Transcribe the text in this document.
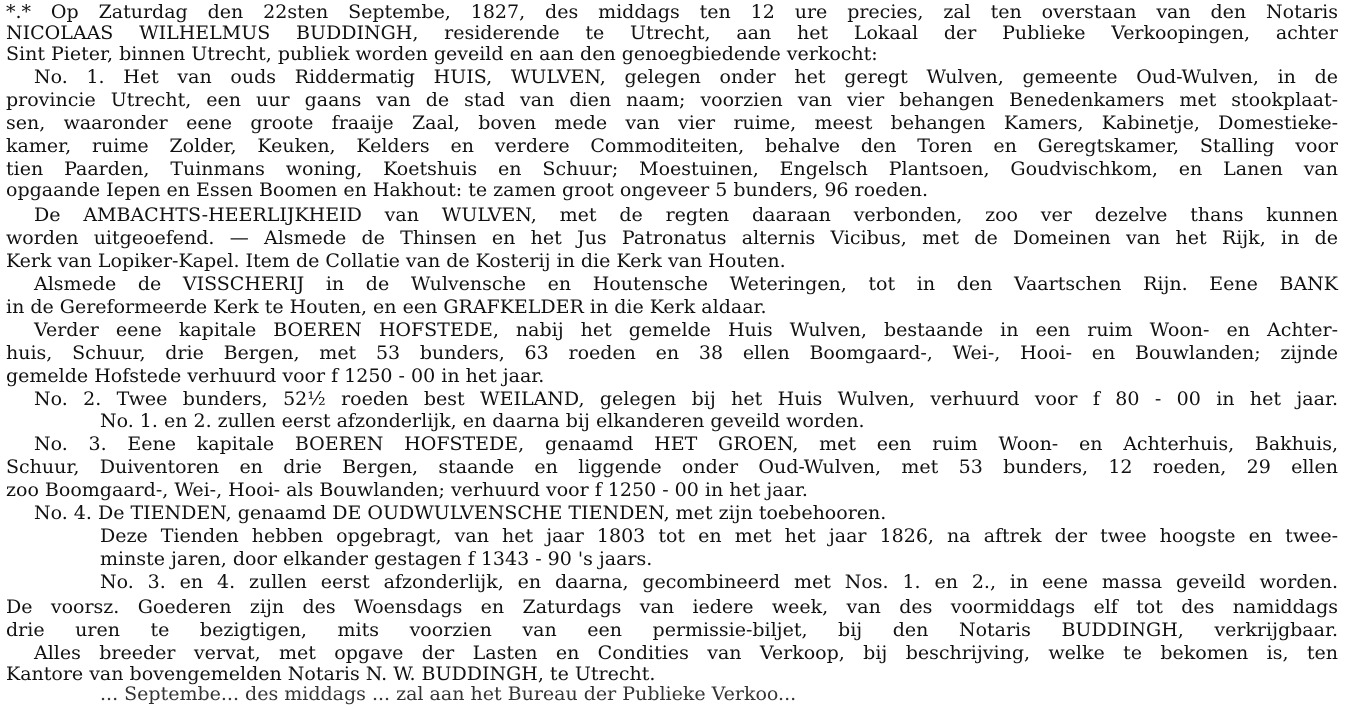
*.* Op Zaturdag den 22sten Septembe, 1827, des middags ten 12 ure precies, zal ten overstaan van den Notaris
NICOLAAS WILHELMUS BUDDINGH, residerende te Utrecht, aan het Lokaal der Publieke Verkoopingen, achter
Sint Pieter, binnen Utrecht, publiek worden geveild en aan den genoegbiedende verkocht:
No. 1. Het van ouds Riddermatig HUIS, WULVEN, gelegen onder het geregt Wulven, gemeente Oud-Wulven, in de
provincie Utrecht, een uur gaans van de stad van dien naam; voorzien van vier behangen Benedenkamers met stookplaat-
sen, waaronder eene groote fraaije Zaal, boven mede van vier ruime, meest behangen Kamers, Kabinetje, Domestieke-
kamer, ruime Zolder, Keuken, Kelders en verdere Commoditeiten, behalve den Toren en Geregtskamer, Stalling voor
tien Paarden, Tuinmans woning, Koetshuis en Schuur; Moestuinen, Engelsch Plantsoen, Goudvischkom, en Lanen van
opgaande Iepen en Essen Boomen en Hakhout: te zamen groot ongeveer 5 bunders, 96 roeden.
De AMBACHTS-HEERLIJKHEID van WULVEN, met de regten daaraan verbonden, zoo ver dezelve thans kunnen
worden uitgeoefend. — Alsmede de Thinsen en het Jus Patronatus alternis Vicibus, met de Domeinen van het Rijk, in de
Kerk van Lopiker-Kapel. Item de Collatie van de Kosterij in die Kerk van Houten.
Alsmede de VISSCHERIJ in de Wulvensche en Houtensche Weteringen, tot in den Vaartschen Rijn. Eene BANK
in de Gereformeerde Kerk te Houten, en een GRAFKELDER in die Kerk aldaar.
Verder eene kapitale BOEREN HOFSTEDE, nabij het gemelde Huis Wulven, bestaande in een ruim Woon- en Achter-
huis, Schuur, drie Bergen, met 53 bunders, 63 roeden en 38 ellen Boomgaard-, Wei-, Hooi- en Bouwlanden; zijnde
gemelde Hofstede verhuurd voor f 1250 - 00 in het jaar.
No. 2. Twee bunders, 52½ roeden best WEILAND, gelegen bij het Huis Wulven, verhuurd voor f 80 - 00 in het jaar.
No. 1. en 2. zullen eerst afzonderlijk, en daarna bij elkanderen geveild worden.
No. 3. Eene kapitale BOEREN HOFSTEDE, genaamd HET GROEN, met een ruim Woon- en Achterhuis, Bakhuis,
Schuur, Duiventoren en drie Bergen, staande en liggende onder Oud-Wulven, met 53 bunders, 12 roeden, 29 ellen
zoo Boomgaard-, Wei-, Hooi- als Bouwlanden; verhuurd voor f 1250 - 00 in het jaar.
No. 4. De TIENDEN, genaamd DE OUDWULVENSCHE TIENDEN, met zijn toebehooren.
Deze Tienden hebben opgebragt, van het jaar 1803 tot en met het jaar 1826, na aftrek der twee hoogste en twee-
minste jaren, door elkander gestagen f 1343 - 90 's jaars.
No. 3. en 4. zullen eerst afzonderlijk, en daarna, gecombineerd met Nos. 1. en 2., in eene massa geveild worden.
De voorsz. Goederen zijn des Woensdags en Zaturdags van iedere week, van des voormiddags elf tot des namiddags
drie uren te bezigtigen, mits voorzien van een permissie-biljet, bij den Notaris BUDDINGH, verkrijgbaar.
Alles breeder vervat, met opgave der Lasten en Condities van Verkoop, bij beschrijving, welke te bekomen is, ten
Kantore van bovengemelden Notaris N. W. BUDDINGH, te Utrecht.
... Septembe... des middags ... zal aan het Bureau der Publieke Verkoo...
